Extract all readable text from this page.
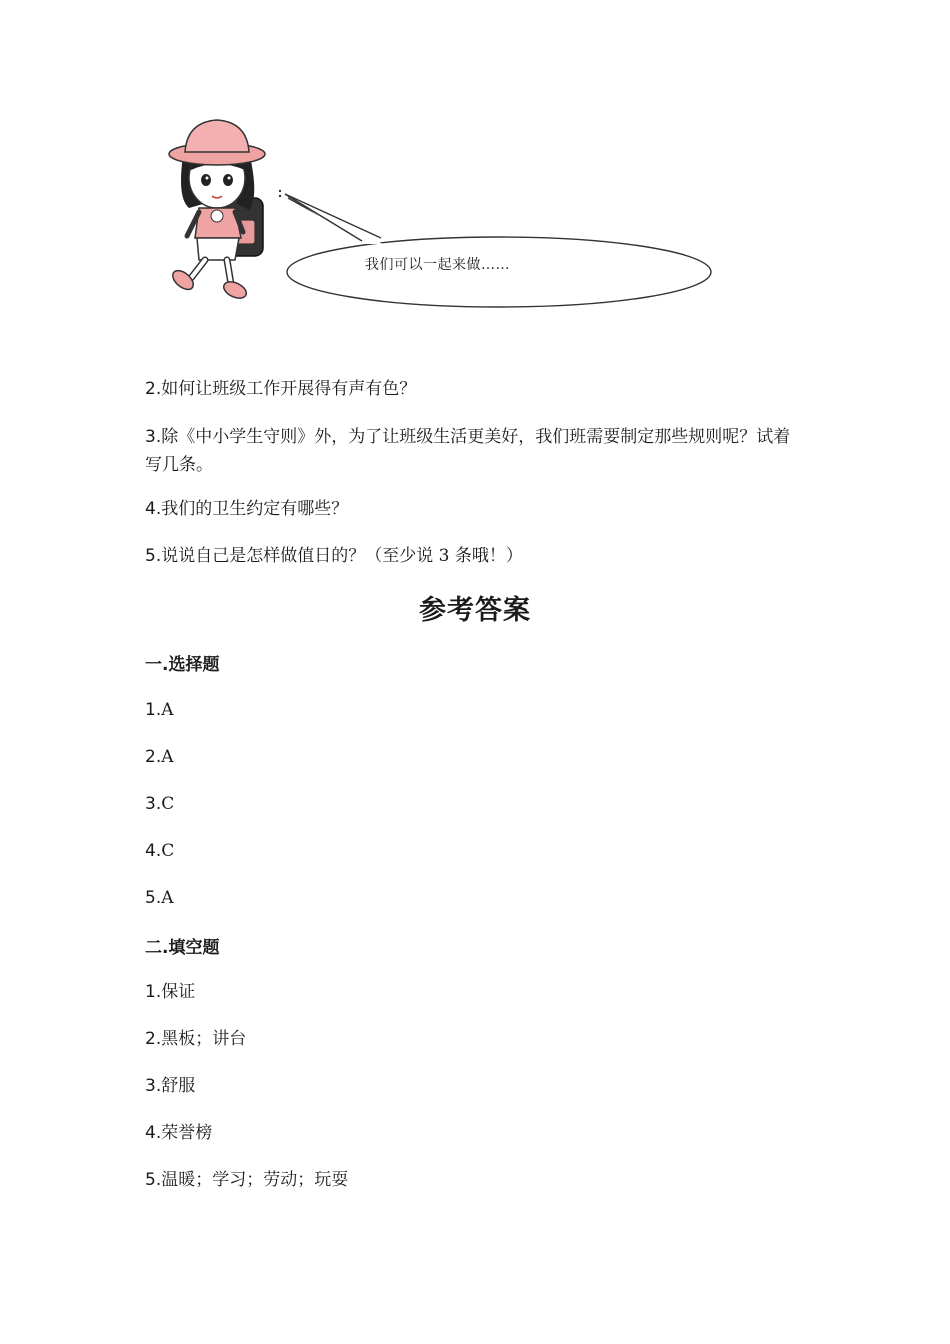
我们可以一起来做……
2.如何让班级工作开展得有声有色？
3.除《中小学生守则》外，为了让班级生活更美好，我们班需要制定那些规则呢？试着写几条。
4.我们的卫生约定有哪些？
5.说说自己是怎样做值日的？（至少说 3 条哦！）
参考答案
一.选择题
1.A
2.A
3.C
4.C
5.A
二.填空题
1.保证
2.黑板；讲台
3.舒服
4.荣誉榜
5.温暖；学习；劳动；玩耍
